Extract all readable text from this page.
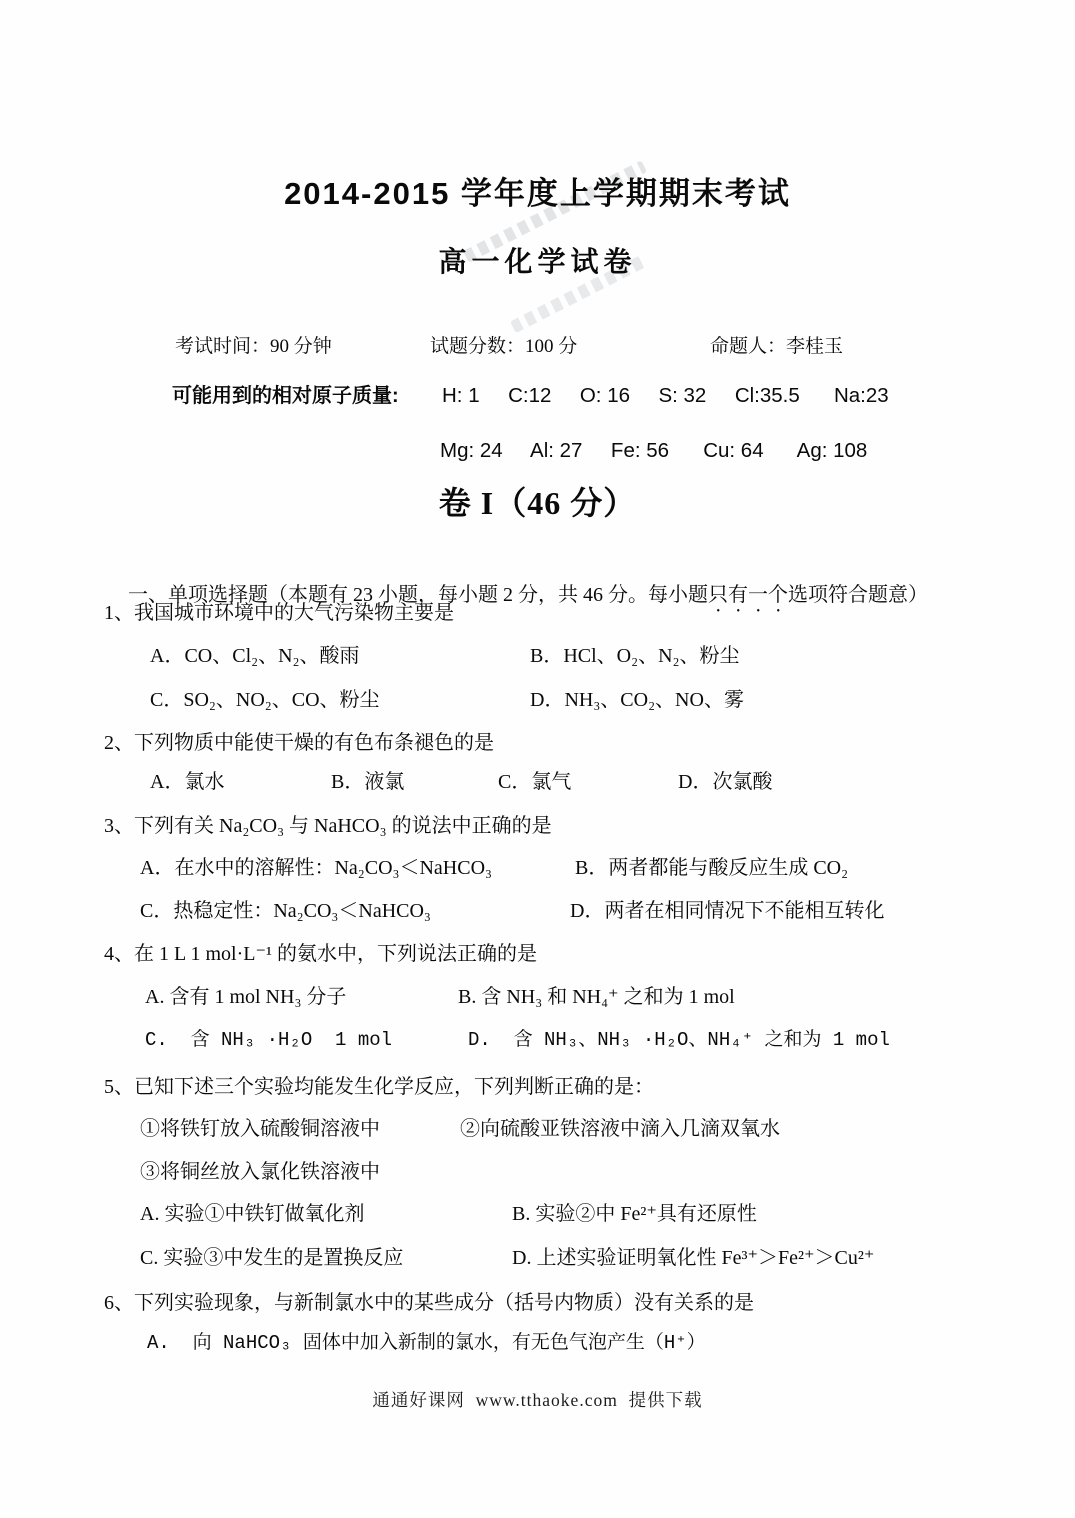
2014-2015 学年度上学期期末考试
高一化学试卷
考试时间：90 分钟	试题分数：100 分	命题人：李桂玉
可能用到的相对原子质量: H: 1     C:12     O: 16     S: 32     Cl:35.5      Na:23
Mg: 24     Al: 27     Fe: 56      Cu: 64      Ag: 108
卷 I（46 分）

一、单项选择题（本题有 23 小题，每小题 2 分，共 46 分。每小题只有一个选项符合题意）

1、我国城市环境中的大气污染物主要是
A．CO、Cl₂、N₂、酸雨	B．HCl、O₂、N₂、粉尘
C．SO₂、NO₂、CO、粉尘	D．NH₃、CO₂、NO、雾
2、下列物质中能使干燥的有色布条褪色的是
A．氯水	B．液氯	C．氯气	D．次氯酸
3、下列有关 Na₂CO₃ 与 NaHCO₃ 的说法中正确的是
A．在水中的溶解性：Na₂CO₃＜NaHCO₃	B．两者都能与酸反应生成 CO₂
C．热稳定性：Na₂CO₃＜NaHCO₃	D．两者在相同情况下不能相互转化
4、在 1 L 1 mol·L⁻¹ 的氨水中，下列说法正确的是
A. 含有 1 mol NH₃ 分子	B. 含 NH₃ 和 NH₄⁺ 之和为 1 mol
C.  含 NH₃ ·H₂O  1 mol	D.  含 NH₃、NH₃ ·H₂O、NH₄⁺ 之和为 1 mol
5、已知下述三个实验均能发生化学反应，下列判断正确的是：
①将铁钉放入硫酸铜溶液中	②向硫酸亚铁溶液中滴入几滴双氧水
③将铜丝放入氯化铁溶液中
A. 实验①中铁钉做氧化剂	B. 实验②中 Fe²⁺具有还原性
C. 实验③中发生的是置换反应	D. 上述实验证明氧化性 Fe³⁺＞Fe²⁺＞Cu²⁺
6、下列实验现象，与新制氯水中的某些成分（括号内物质）没有关系的是
A.  向 NaHCO₃ 固体中加入新制的氯水，有无色气泡产生（H⁺）
通通好课网  www.tthaoke.com  提供下载
